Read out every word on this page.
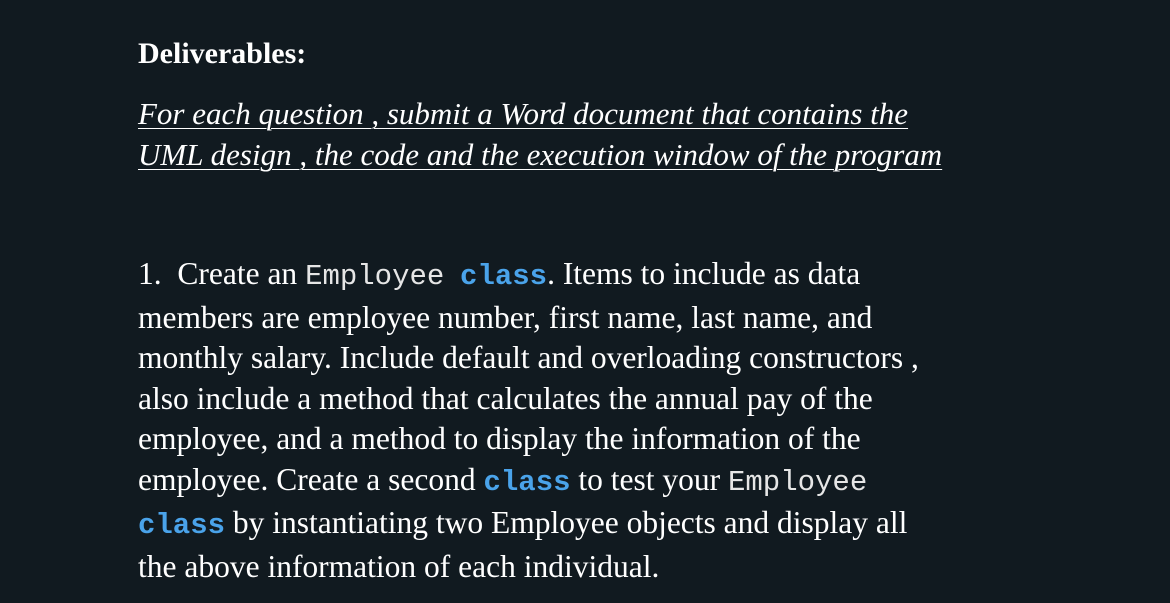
Deliverables:

For each question , submit a Word document that contains the
UML design , the code and the execution window of the program

1. Create an Employee class. Items to include as data
members are employee number, first name, last name, and
monthly salary. Include default and overloading constructors ,
also include a method that calculates the annual pay of the
employee, and a method to display the information of the
employee. Create a second class to test your Employee
class by instantiating two Employee objects and display all
the above information of each individual.
